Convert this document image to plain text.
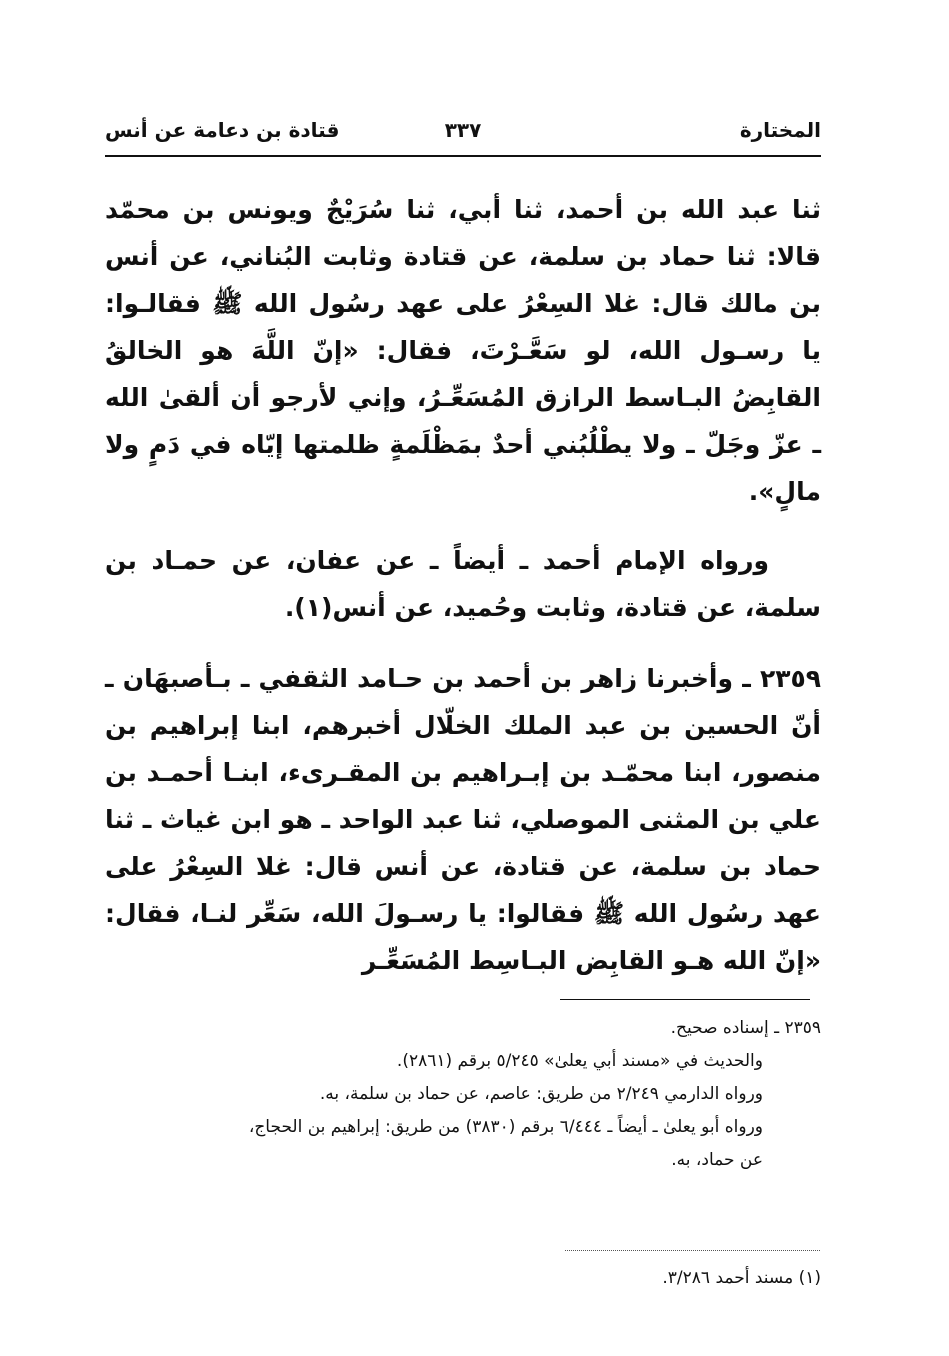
المختارة
٣٣٧
قتادة بن دعامة عن أنس

ثنا عبد الله بن أحمد، ثنا أبي، ثنا سُرَيْجٌ ويونس بن محمّد قالا: ثنا حماد بن سلمة، عن قتادة وثابت البُناني، عن أنس بن مالك قال: غلا السِعْرُ على عهد رسُول الله ﷺ فقالـوا: يا رسـول الله، لو سَعَّـرْتَ، فقال: «إنّ اللَّهَ هو الخالقُ القابِضُ البـاسط الرازق المُسَعِّـرُ، وإني لأرجو أن ألقىٰ الله ـ عزّ وجَلّ ـ ولا يطْلُبُني أحدٌ بمَظْلَمةٍ ظلمتها إيّاه في دَمٍ ولا مالٍ».

ورواه الإمام أحمد ـ أيضاً ـ عن عفان، عن حمـاد بن سلمة، عن قتادة، وثابت وحُميد، عن أنس(١).

٢٣٥٩ ـ وأخبرنا زاهر بن أحمد بن حـامد الثقفي ـ بـأصبهَان ـ أنّ الحسين بن عبد الملك الخلّال أخبرهم، ابنا إبراهيم بن منصور، ابنا محمّـد بن إبـراهيم بن المقـرىء، ابنـا أحمـد بن علي بن المثنى الموصلي، ثنا عبد الواحد ـ هو ابن غياث ـ ثنا حماد بن سلمة، عن قتادة، عن أنس قال: غلا السِعْرُ على عهد رسُول الله ﷺ فقالوا: يا رسـولَ الله، سَعِّر لنـا، فقال: «إنّ الله هـو القابِض البـاسِط المُسَعِّـر

٢٣٥٩ ـ إسناده صحيح.

والحديث في «مسند أبي يعلىٰ» ٥/٢٤٥ برقم (٢٨٦١).

ورواه الدارمي ٢/٢٤٩ من طريق: عاصم، عن حماد بن سلمة، به.

ورواه أبو يعلىٰ ـ أيضاً ـ ٦/٤٤٤ برقم (٣٨٣٠) من طريق: إبراهيم بن الحجاج،

عن حماد، به.

(١) مسند أحمد ٣/٢٨٦.
